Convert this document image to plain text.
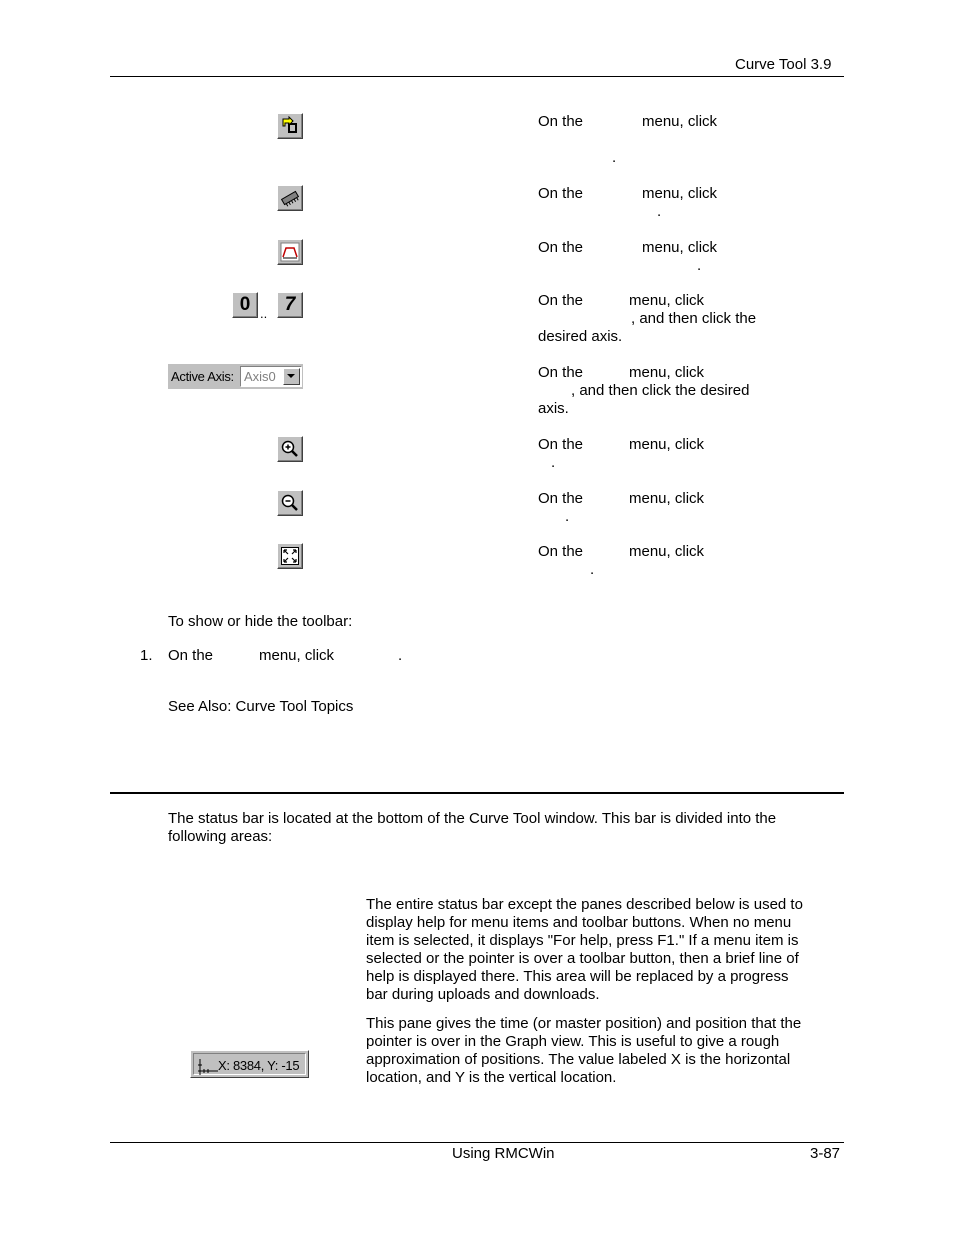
Curve Tool 3.9
On the	menu, click
.
On the	menu, click
.
On the	menu, click
.
0 .. 7	On the	menu, click
, and then click the
desired axis.
Active Axis: Axis0	On the	menu, click
, and then click the desired
axis.
On the	menu, click
.
On the	menu, click
.
On the	menu, click
.
To show or hide the toolbar:
1. On the	menu, click	.
See Also: Curve Tool Topics
The status bar is located at the bottom of the Curve Tool window. This bar is divided into the following areas:
The entire status bar except the panes described below is used to display help for menu items and toolbar buttons. When no menu item is selected, it displays "For help, press F1." If a menu item is selected or the pointer is over a toolbar button, then a brief line of help is displayed there. This area will be replaced by a progress bar during uploads and downloads.
X: 8384, Y: -15
This pane gives the time (or master position) and position that the pointer is over in the Graph view. This is useful to give a rough approximation of positions. The value labeled X is the horizontal location, and Y is the vertical location.
Using RMCWin	3-87
